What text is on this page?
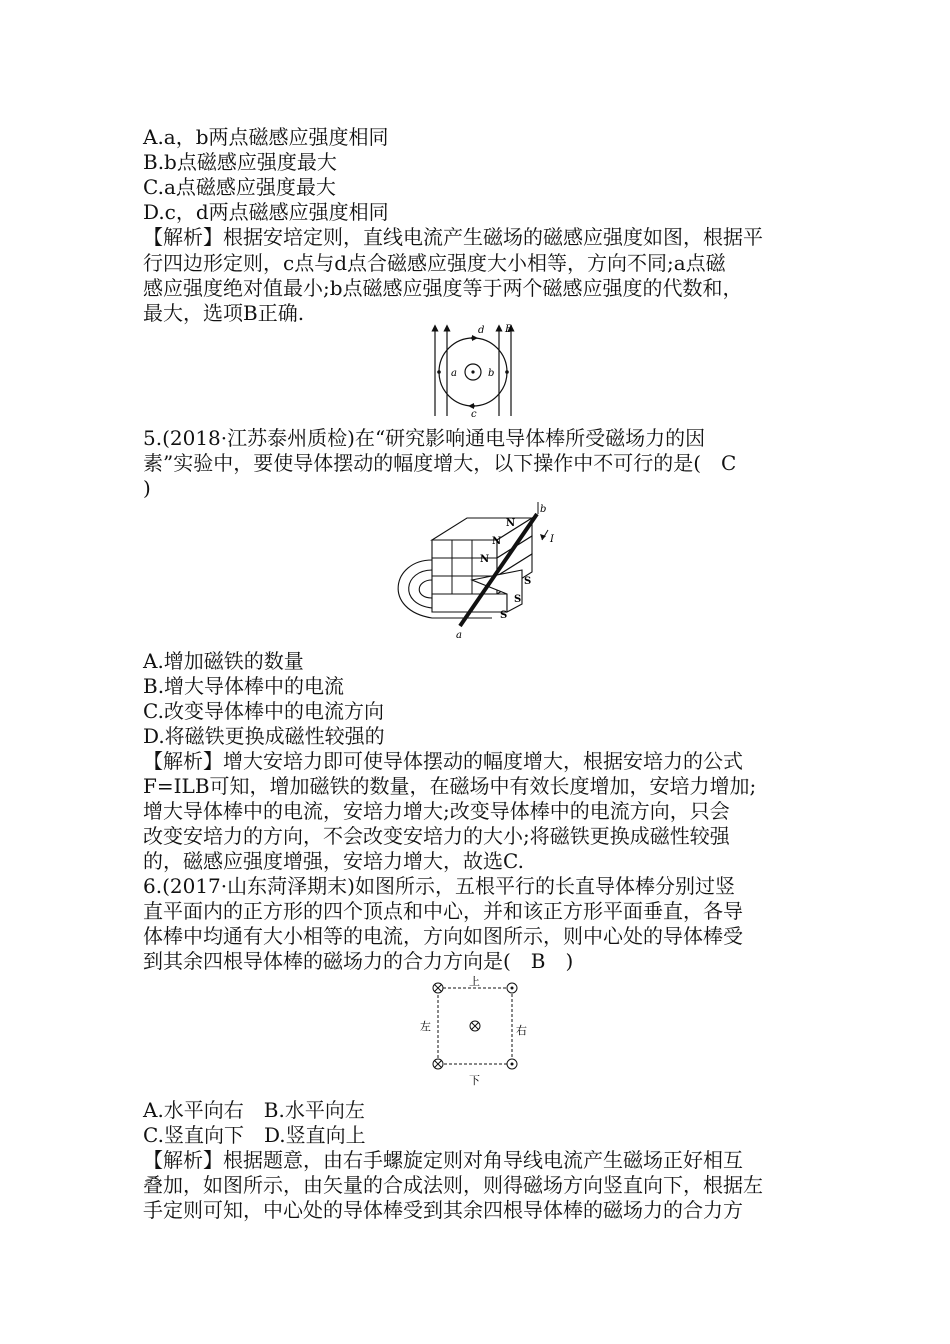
A.a，b两点磁感应强度相同
B.b点磁感应强度最大
C.a点磁感应强度最大
D.c，d两点磁感应强度相同
【解析】根据安培定则，直线电流产生磁场的磁感应强度如图，根据平
行四边形定则，c点与d点合磁感应强度大小相等，方向不同;a点磁
感应强度绝对值最小;b点磁感应强度等于两个磁感应强度的代数和，
最大，选项B正确.
a	b
c
d B
5.(2018·江苏泰州质检)在“研究影响通电导体棒所受磁场力的因
素”实验中，要使导体摆动的幅度增大，以下操作中不可行的是(　C
)
N
N
N
S
S
S
a
b
I
A.增加磁铁的数量
B.增大导体棒中的电流
C.改变导体棒中的电流方向
D.将磁铁更换成磁性较强的
【解析】增大安培力即可使导体摆动的幅度增大，根据安培力的公式
F=ILB可知，增加磁铁的数量，在磁场中有效长度增加，安培力增加;
增大导体棒中的电流，安培力增大;改变导体棒中的电流方向，只会
改变安培力的方向，不会改变安培力的大小;将磁铁更换成磁性较强
的，磁感应强度增强，安培力增大，故选C.
6.(2017·山东菏泽期末)如图所示，五根平行的长直导体棒分别过竖
直平面内的正方形的四个顶点和中心，并和该正方形平面垂直，各导
体棒中均通有大小相等的电流，方向如图所示，则中心处的导体棒受
到其余四根导体棒的磁场力的合力方向是(　B　)
上
左	右
下
A.水平向右　B.水平向左
C.竖直向下　D.竖直向上
【解析】根据题意，由右手螺旋定则对角导线电流产生磁场正好相互
叠加，如图所示，由矢量的合成法则，则得磁场方向竖直向下，根据左
手定则可知，中心处的导体棒受到其余四根导体棒的磁场力的合力方
